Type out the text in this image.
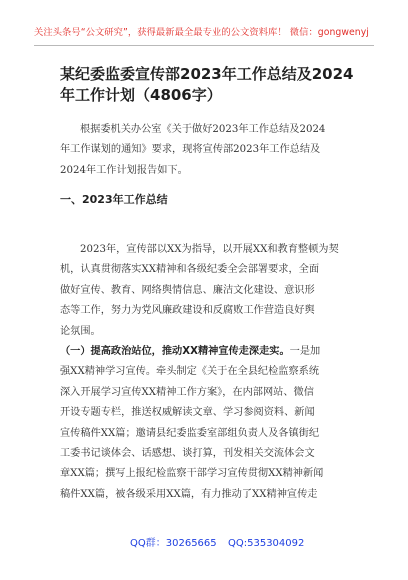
关注头条号“公文研究”，获得最新最全最专业的公文资料库！ 微信：gongwenyj
某纪委监委宣传部2023年工作总结及2024
年工作计划（4806字）
根据委机关办公室《关于做好2023年工作总结及2024
年工作谋划的通知》要求，现将宣传部2023年工作总结及
2024年工作计划报告如下。
一、2023年工作总结
2023年，宣传部以XX为指导，以开展XX和教育整顿为契
机，认真贯彻落实XX精神和各级纪委全会部署要求，全面
做好宣传、教育、网络舆情信息、廉洁文化建设、意识形
态等工作，努力为党风廉政建设和反腐败工作营造良好舆
论氛围。
（一）提高政治站位，推动XX精神宣传走深走实。一是加
强XX精神学习宣传。牵头制定《关于在全县纪检监察系统
深入开展学习宣传XX精神工作方案》，在内部网站、微信
开设专题专栏，推送权威解读文章、学习参阅资料、新闻
宣传稿件XX篇；邀请县纪委监委室部组负责人及各镇街纪
工委书记谈体会、话感想、谈打算，刊发相关交流体会文
章XX篇；撰写上报纪检监察干部学习宣传贯彻XX精神新闻
稿件XX篇，被各级采用XX篇，有力推动了XX精神宣传走
QQ群：30265665 QQ:535304092
